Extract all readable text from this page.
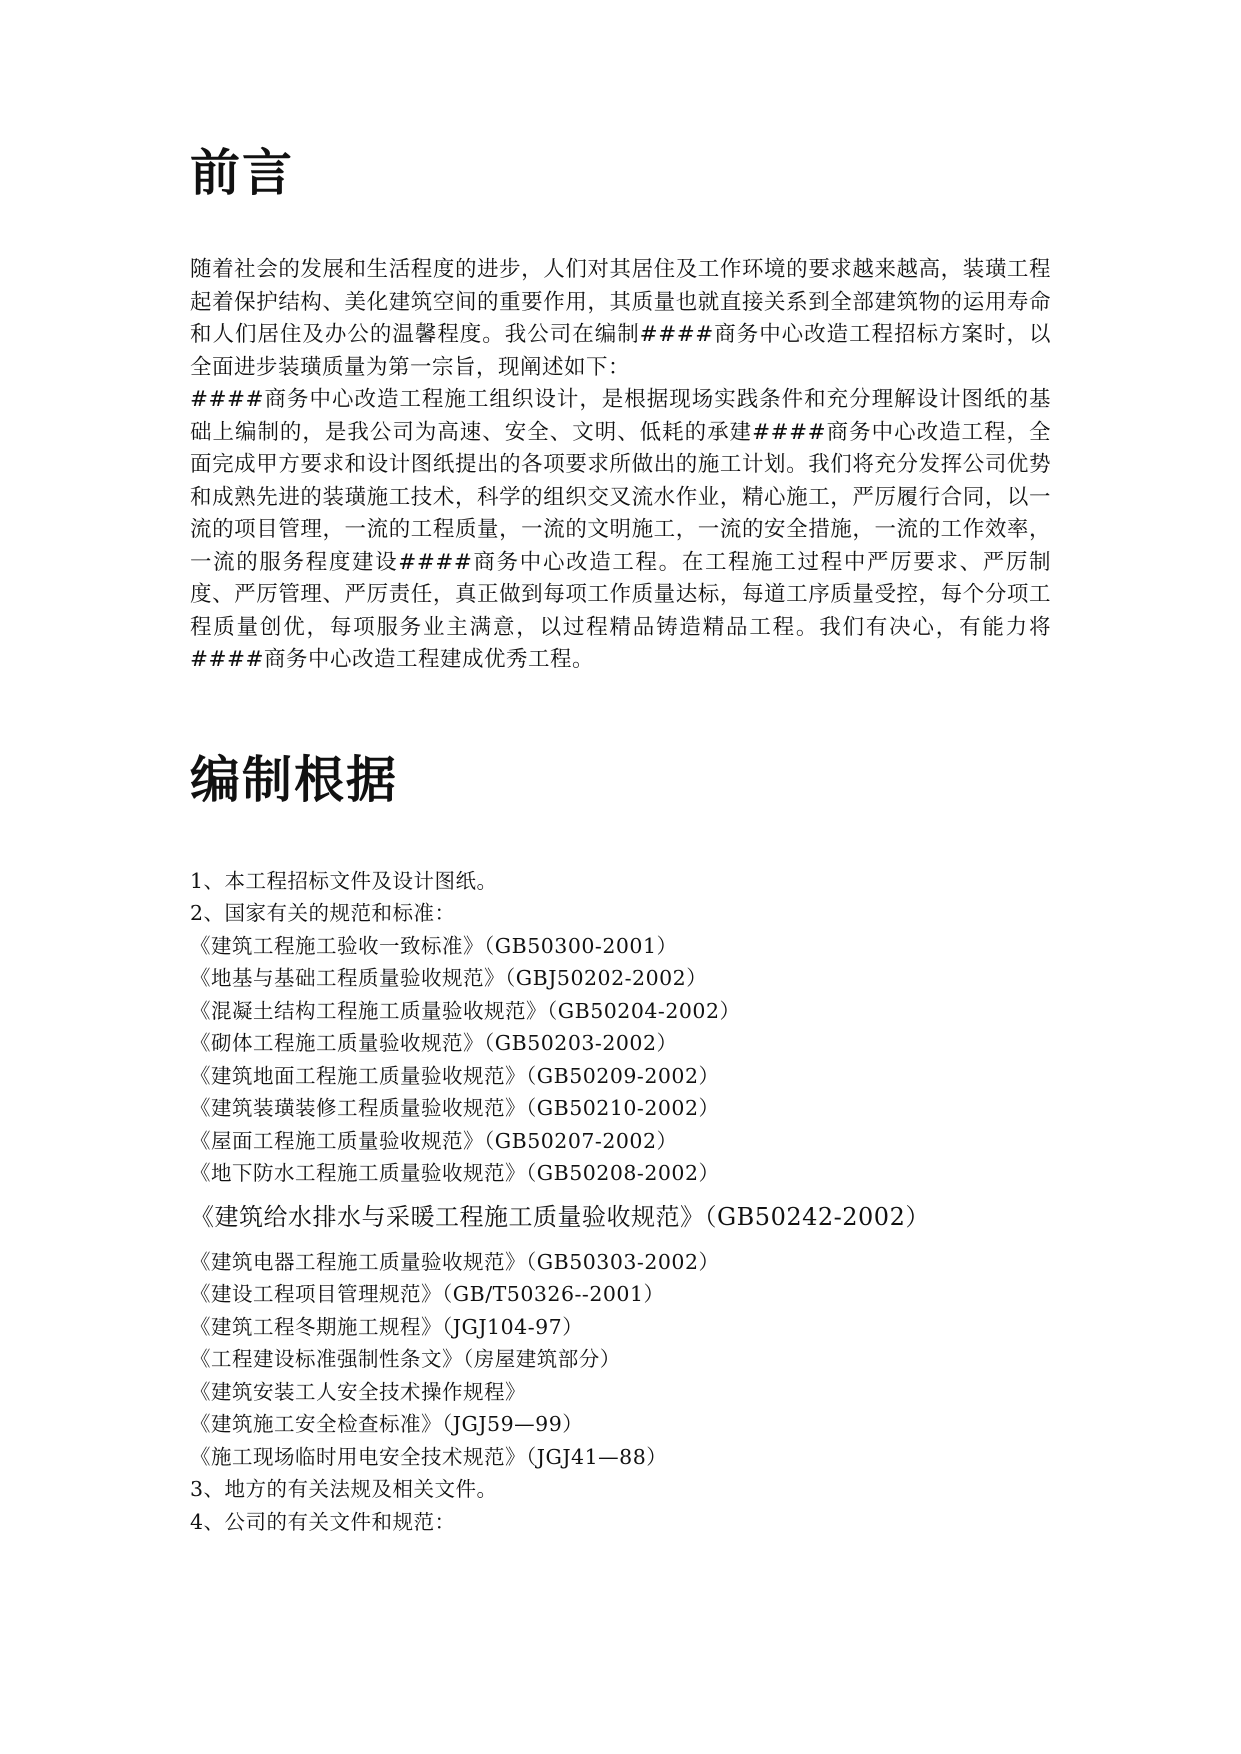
前言

随着社会的发展和生活程度的进步，人们对其居住及工作环境的要求越来越高，装璜工程起着保护结构、美化建筑空间的重要作用，其质量也就直接关系到全部建筑物的运用寿命和人们居住及办公的温馨程度。我公司在编制####商务中心改造工程招标方案时，以全面进步装璜质量为第一宗旨，现阐述如下：

####商务中心改造工程施工组织设计，是根据现场实践条件和充分理解设计图纸的基础上编制的，是我公司为高速、安全、文明、低耗的承建####商务中心改造工程，全面完成甲方要求和设计图纸提出的各项要求所做出的施工计划。我们将充分发挥公司优势和成熟先进的装璜施工技术，科学的组织交叉流水作业，精心施工，严厉履行合同，以一流的项目管理，一流的工程质量，一流的文明施工，一流的安全措施，一流的工作效率，一流的服务程度建设####商务中心改造工程。在工程施工过程中严厉要求、严厉制度、严厉管理、严厉责任，真正做到每项工作质量达标，每道工序质量受控，每个分项工程质量创优，每项服务业主满意，以过程精品铸造精品工程。我们有决心，有能力将####商务中心改造工程建成优秀工程。

编制根据
1、本工程招标文件及设计图纸。
2、国家有关的规范和标准：
《建筑工程施工验收一致标准》（GB50300-2001）
《地基与基础工程质量验收规范》（GBJ50202-2002）
《混凝土结构工程施工质量验收规范》（GB50204-2002）
《砌体工程施工质量验收规范》（GB50203-2002）
《建筑地面工程施工质量验收规范》（GB50209-2002）
《建筑装璜装修工程质量验收规范》（GB50210-2002）
《屋面工程施工质量验收规范》（GB50207-2002）
《地下防水工程施工质量验收规范》（GB50208-2002）
《建筑给水排水与采暖工程施工质量验收规范》（GB50242-2002）
《建筑电器工程施工质量验收规范》（GB50303-2002）
《建设工程项目管理规范》（GB/T50326--2001）
《建筑工程冬期施工规程》（JGJ104-97）
《工程建设标准强制性条文》（房屋建筑部分）
《建筑安装工人安全技术操作规程》
《建筑施工安全检查标准》（JGJ59—99）
《施工现场临时用电安全技术规范》（JGJ41—88）
3、地方的有关法规及相关文件。
4、公司的有关文件和规范：
